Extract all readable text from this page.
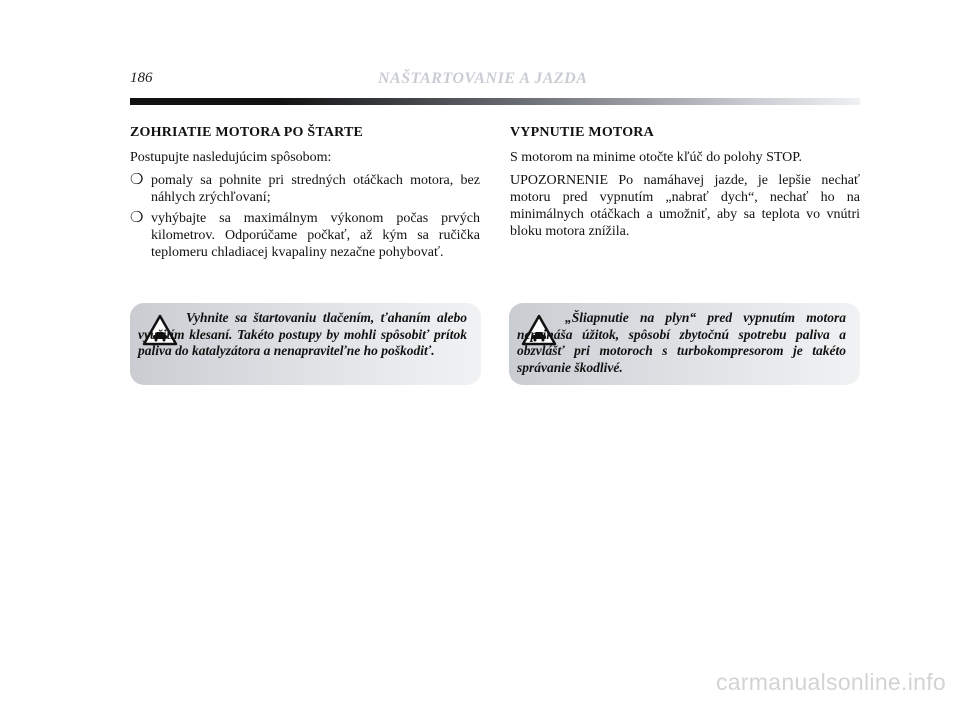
186	NAŠTARTOVANIE A JAZDA
ZOHRIATIE MOTORA PO ŠTARTE

Postupujte nasledujúcim spôsobom:

❍ pomaly sa pohnite pri stredných otáčkach motora, bez náhlych zrýchľovaní;
❍ vyhýbajte sa maximálnym výkonom počas prvých kilometrov. Odporúčame počkať, až kým sa ručička teplomeru chladiacej kvapaliny nezačne pohybovať.
VYPNUTIE MOTORA

S motorom na minime otočte kľúč do polohy STOP.

UPOZORNENIE Po namáhavej jazde, je lepšie nechať motoru pred vypnutím „nabrať dych“, nechať ho na minimálnych otáčkach a umožniť, aby sa teplota vo vnútri bloku motora znížila.

Vyhnite sa štartovaniu tlačením, ťahaním alebo využitím klesaní. Takéto postupy by mohli spôsobiť prítok paliva do katalyzátora a nenapraviteľne ho poškodiť.
„Šliapnutie na plyn“ pred vypnutím motora neprináša úžitok, spôsobí zbytočnú spotrebu paliva a obzvlášť pri motoroch s turbokompresorom je takéto správanie škodlivé.
carmanualsonline.info
